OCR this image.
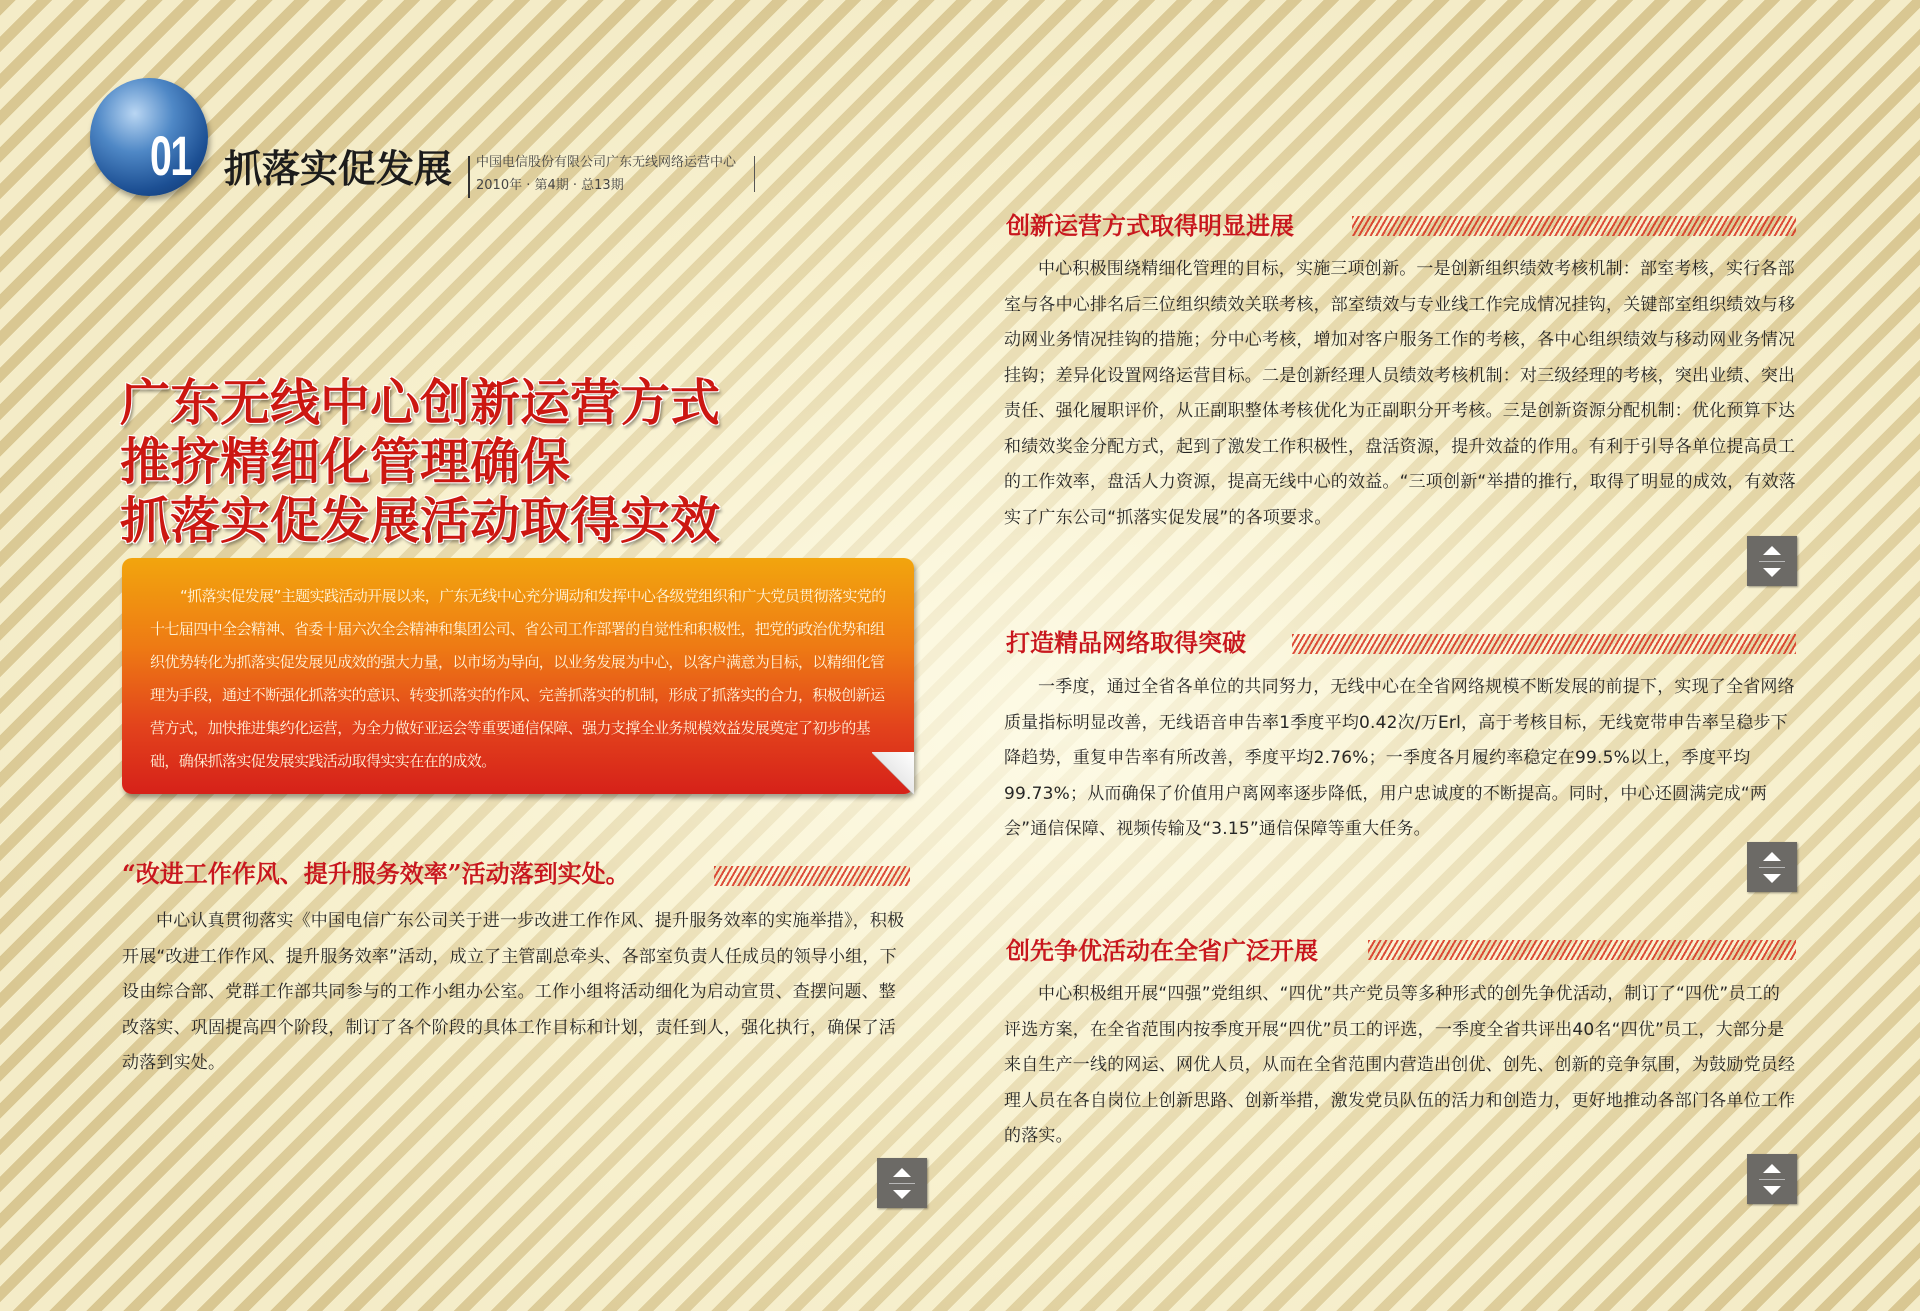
01 抓落实促发展 中国电信股份有限公司广东无线网络运营中心
2010年 · 第4期 · 总13期
广东无线中心创新运营方式
推挤精细化管理确保
抓落实促发展活动取得实效
“抓落实促发展”主题实践活动开展以来，广东无线中心充分调动和发挥中心各级党组织和广大党员贯彻落实党的十七届四中全会精神、省委十届六次全会精神和集团公司、省公司工作部署的自觉性和积极性，把党的政治优势和组织优势转化为抓落实促发展见成效的强大力量，以市场为导向，以业务发展为中心，以客户满意为目标，以精细化管理为手段，通过不断强化抓落实的意识、转变抓落实的作风、完善抓落实的机制，形成了抓落实的合力，积极创新运营方式，加快推进集约化运营，为全力做好亚运会等重要通信保障、强力支撑全业务规模效益发展奠定了初步的基础，确保抓落实促发展实践活动取得实实在在的成效。
“改进工作作风、提升服务效率”活动落到实处。
中心认真贯彻落实《中国电信广东公司关于进一步改进工作作风、提升服务效率的实施举措》，积极开展“改进工作作风、提升服务效率”活动，成立了主管副总牵头、各部室负责人任成员的领导小组，下设由综合部、党群工作部共同参与的工作小组办公室。工作小组将活动细化为启动宣贯、查摆问题、整改落实、巩固提高四个阶段，制订了各个阶段的具体工作目标和计划，责任到人，强化执行，确保了活动落到实处。
创新运营方式取得明显进展
中心积极围绕精细化管理的目标，实施三项创新。一是创新组织绩效考核机制：部室考核，实行各部室与各中心排名后三位组织绩效关联考核，部室绩效与专业线工作完成情况挂钩，关键部室组织绩效与移动网业务情况挂钩的措施；分中心考核，增加对客户服务工作的考核，各中心组织绩效与移动网业务情况挂钩；差异化设置网络运营目标。二是创新经理人员绩效考核机制：对三级经理的考核，突出业绩、突出责任、强化履职评价，从正副职整体考核优化为正副职分开考核。三是创新资源分配机制：优化预算下达和绩效奖金分配方式，起到了激发工作积极性，盘活资源，提升效益的作用。有利于引导各单位提高员工的工作效率，盘活人力资源，提高无线中心的效益。“三项创新“举措的推行，取得了明显的成效，有效落实了广东公司“抓落实促发展”的各项要求。
打造精品网络取得突破
一季度，通过全省各单位的共同努力，无线中心在全省网络规模不断发展的前提下，实现了全省网络质量指标明显改善，无线语音申告率1季度平均0.42次/万Erl，高于考核目标，无线宽带申告率呈稳步下降趋势，重复申告率有所改善，季度平均2.76%；一季度各月履约率稳定在99.5%以上，季度平均99.73%；从而确保了价值用户离网率逐步降低，用户忠诚度的不断提高。同时，中心还圆满完成“两会”通信保障、视频传输及“3.15”通信保障等重大任务。
创先争优活动在全省广泛开展
中心积极组开展“四强”党组织、“四优”共产党员等多种形式的创先争优活动，制订了“四优”员工的评选方案，在全省范围内按季度开展“四优”员工的评选，一季度全省共评出40名“四优”员工，大部分是来自生产一线的网运、网优人员，从而在全省范围内营造出创优、创先、创新的竞争氛围，为鼓励党员经理人员在各自岗位上创新思路、创新举措，激发党员队伍的活力和创造力，更好地推动各部门各单位工作的落实。
